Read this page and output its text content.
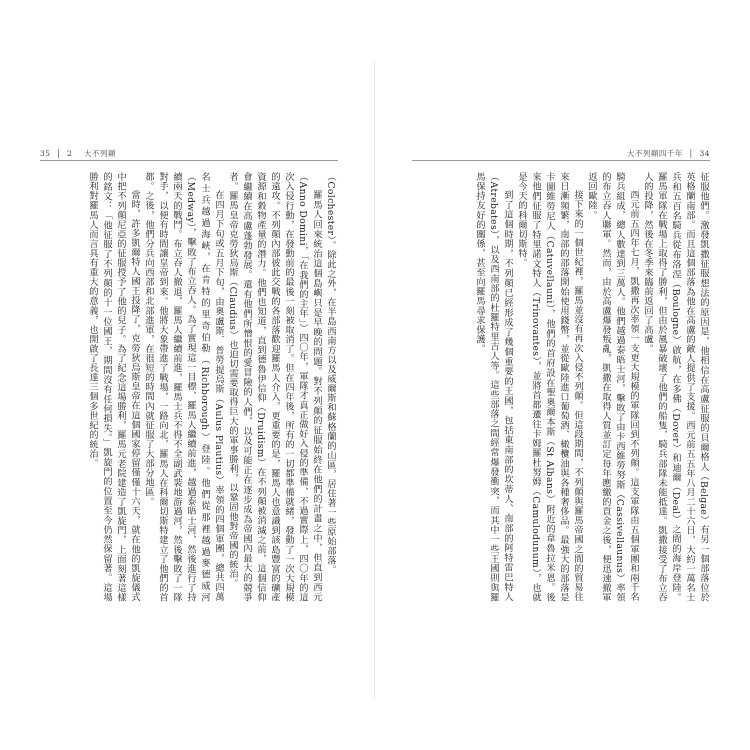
35  │  2 大不列顛

（Colchester）。除此之外，在半島西南方以及威爾斯和蘇格蘭的山區，居住著一些原始部落。

羅馬人回來統治這個島嶼只是早晚的問題。對不列顛的征服始終在他們的計畫之中，但直到西元（Anno Domini，「在我們的主年」）四〇年，軍隊才真正做好入侵的準備，不過實際上，四〇年的這次入侵行動，在發動前的最後一刻被取消了。但在四年後，所有的一切都準備就緒，發動了一次大規模的遠攻。不列顛內部彼此交戰的各部落歡迎羅馬人介入，更重要的是，羅馬人也意識到該島豐富的礦產資源和穀物產量的潛力。他們也知道，直到德魯伊信仰（Druidism）在不列顛被消滅之前，這個信仰會繼續在高盧蓬勃發展。還有他們所憎恨的愛冒險的人們，以及可能正在逐步成為帝國內最大的競爭者。羅馬皇帝克勞狄烏斯（Claudius）也迫切需要取得巨大的軍事勝利，以鞏固他對帝國的統治。

在四月下旬或五月下旬，由奧盧斯．普勞提烏斯（Aulus Plautius）率領的四個軍團，總共四萬名士兵越過海峽，在肯特的里奇伯勒（Richborough）登陸。他們從那裡越過麥德威河（Medway），擊敗了布立吞人。為了實現這一目標，羅馬人繼續前進，越過泰晤士河，然後進行了持續兩天的戰鬥。布立吞人撤退，羅馬人繼續前進，羅馬士兵不得不全副武裝地游過河，然後擊敗了一隊對手，以便有時間讓皇帝到來。他將大象帶進了戰場，一路向北，羅馬人在科爾切斯特建立了他們的首都。之後，他們分兵向西部和北部進軍，在很短的時間內就征服了大部分地區。

當時，許多凱爾特人國王投降了，克勞狄烏斯皇帝在這個國家停留僅僅十六天，就在他的凱旋儀式中把不列顛尼亞的征服授予了他的兒子。為了紀念這場勝利，羅馬元老院建造了凱旋門，上面刻著這樣的銘文：「他征服了不列顛的十一位國王，期間沒有任何損失。」凱旋門的位置至今仍然保留著。這場勝利對羅馬人而言具有重大的意義，也開啟了長達三個多世紀的統治。

大不列顛四千年  │  34

征服他們。激發凱撒征服想法的原因是，他相信在高盧征服的貝爾格人（Belgae）有另一個部落位於英格蘭南部。而且這個部落為他在高盧的敵人提供了支援。西元前五五年八月二十六日，大約一萬名士兵和五百名騎兵從布洛涅（Boulogne）啟航，在多佛（Dover）和迪爾（Deal）之間的海岸登陸。羅馬軍隊在戰場上取得了勝利，但由於風暴破壞了他們的船隻，騎兵部隊未能抵達。凱撒接受了布立吞人的投降，然後在冬季來臨前返回了高盧。

西元前五四年七月，凱撒再次率領一支更大規模的軍隊回到不列顛。這支軍隊由五個軍團和兩千名騎兵組成，總人數達到三萬人。他們越過泰晤士河，擊敗了由卡西維勞努斯（Cassivellaunus）率領的布立吞人聯軍。然而，由於高盧爆發叛亂，凱撒在取得人質並訂定每年應繳的貢金之後，便迅速撤軍返回歐陸。

接下來的一個世紀裡，羅馬並沒有再次入侵不列顛。但這段期間，不列顛與羅馬帝國之間的貿易往來日漸頻繁，南部的部落開始使用錢幣，並從歐陸進口葡萄酒、橄欖油與各種奢侈品。最強大的部落是卡圖維勞尼人（Catuvellauni），他們的首府設在聖奧爾本斯（St Albans）附近的韋魯拉米恩。後來他們征服了特里諾文特人（Trinovantes），並將首都遷往卡姆羅杜努姆（Camulodunum），也就是今天的科爾切斯特。

到了這個時期，不列顛已經形成了幾個重要的王國，包括東南部的坎蒂人、南部的阿特雷巴特人（Atrebates），以及西南部的杜羅特里吉人等。這些部落之間經常爆發衝突，而其中一些王國則與羅馬保持友好的關係，甚至向羅馬尋求保護。
